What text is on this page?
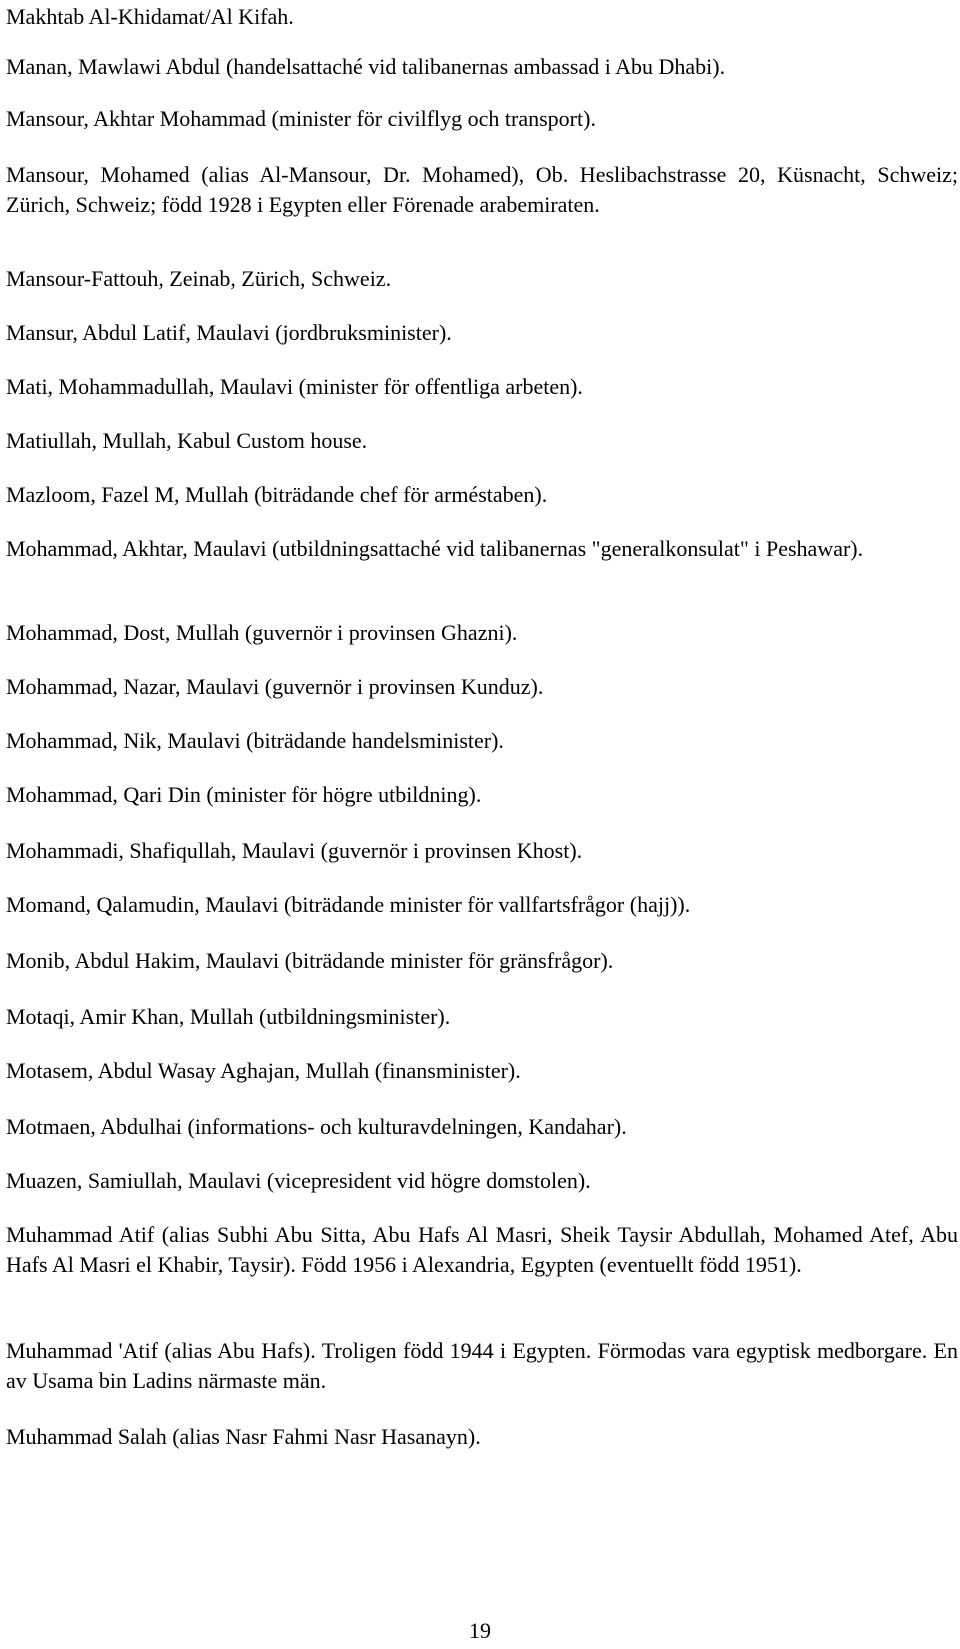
Makhtab Al-Khidamat/Al Kifah.

Manan, Mawlawi Abdul (handelsattaché vid talibanernas ambassad i Abu Dhabi).

Mansour, Akhtar Mohammad (minister för civilflyg och transport).

Mansour, Mohamed (alias Al-Mansour, Dr. Mohamed), Ob. Heslibachstrasse 20, Küsnacht, Schweiz; Zürich, Schweiz; född 1928 i Egypten eller Förenade arabemiraten.

Mansour-Fattouh, Zeinab, Zürich, Schweiz.

Mansur, Abdul Latif, Maulavi (jordbruksminister).

Mati, Mohammadullah, Maulavi (minister för offentliga arbeten).

Matiullah, Mullah, Kabul Custom house.

Mazloom, Fazel M, Mullah (biträdande chef för arméstaben).

Mohammad, Akhtar, Maulavi (utbildningsattaché vid talibanernas "generalkonsulat" i Peshawar).

Mohammad, Dost, Mullah (guvernör i provinsen Ghazni).

Mohammad, Nazar, Maulavi (guvernör i provinsen Kunduz).

Mohammad, Nik, Maulavi (biträdande handelsminister).

Mohammad, Qari Din (minister för högre utbildning).

Mohammadi, Shafiqullah, Maulavi (guvernör i provinsen Khost).

Momand, Qalamudin, Maulavi (biträdande minister för vallfartsfrågor (hajj)).

Monib, Abdul Hakim, Maulavi (biträdande minister för gränsfrågor).

Motaqi, Amir Khan, Mullah (utbildningsminister).

Motasem, Abdul Wasay Aghajan, Mullah (finansminister).

Motmaen, Abdulhai (informations- och kulturavdelningen, Kandahar).

Muazen, Samiullah, Maulavi (vicepresident vid högre domstolen).

Muhammad Atif (alias Subhi Abu Sitta, Abu Hafs Al Masri, Sheik Taysir Abdullah, Mohamed Atef, Abu Hafs Al Masri el Khabir, Taysir). Född 1956 i Alexandria, Egypten (eventuellt född 1951).

Muhammad 'Atif (alias Abu Hafs). Troligen född 1944 i Egypten. Förmodas vara egyptisk medborgare. En av Usama bin Ladins närmaste män.

Muhammad Salah (alias Nasr Fahmi Nasr Hasanayn).

19
